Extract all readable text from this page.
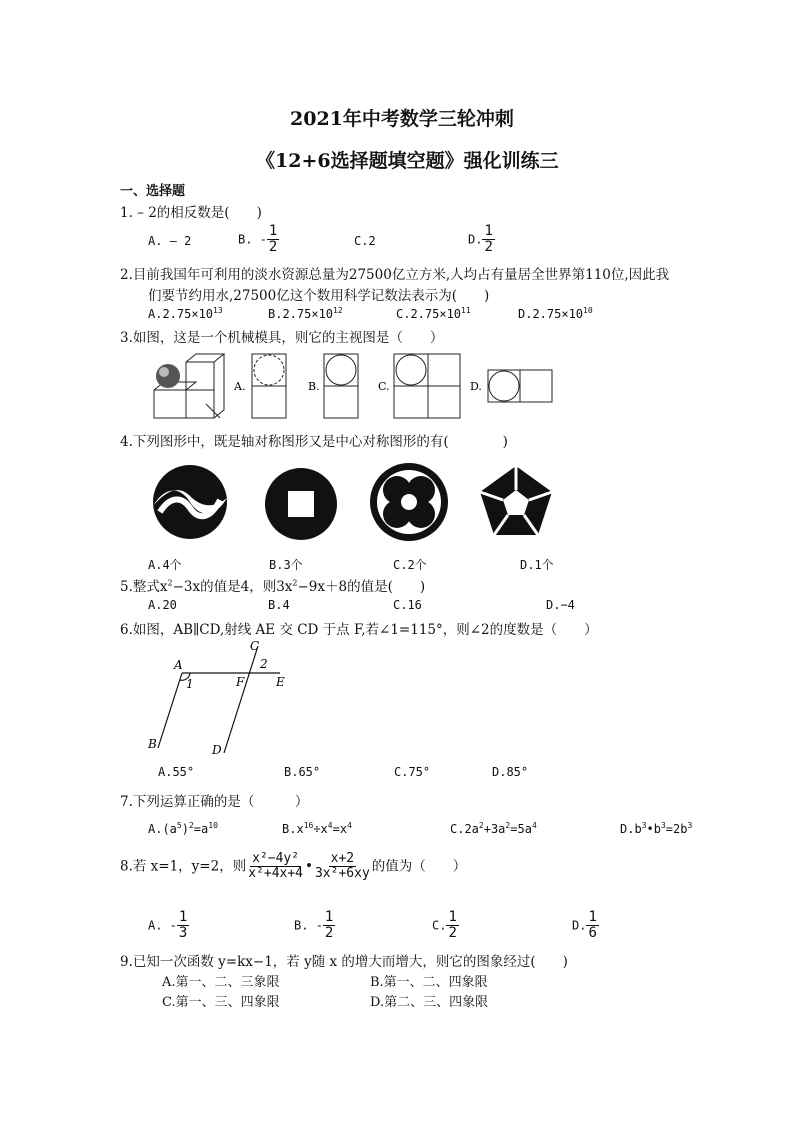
2021年中考数学三轮冲刺
《12+6选择题填空题》强化训练三
一、选择题
1. – 2的相反数是(　　)
A. – 2	B. - $\frac{1}{2}$	C.2	D. $\frac{1}{2}$
2.目前我国年可利用的淡水资源总量为27500亿立方米,人均占有量居全世界第110位,因此我
们要节约用水,27500亿这个数用科学记数法表示为(　　)
$A.2.75\times 10^{13}$	$B.2.75\times 10^{12}$	$C.2.75\times 10^{11}$	$D.2.75\times 10^{10}$
3.如图，这是一个机械模具，则它的主视图是（　　）
A.	B.	C.	D.
4.下列图形中，既是轴对称图形又是中心对称图形的有(　　　　)
A.4个	B.3个	C.2个	D.1个
5.整式$x^2-3x$的值是4，则$3x^2-9x+8$的值是(　　)
A.20	B.4	C.16	D.−4
6.如图，AB∥CD,射线 AE 交 CD 于点 F,若∠1=115°，则∠2的度数是（　　）
A
B
C
D
E
F
1
2
A.55°	B.65°	C.75°	D.85°
7.下列运算正确的是（　　　）
$A.(a^5)^2=a^{10}$	$B.x^{16}\div x^4=x^4$	$C.2a^2+3a^2=5a^4$	$D.b^3•b^3=2b^3$
8.若 x=1，y=2，则 $\frac{\text{x²−4y²}}{\text{x²+4x+4}}$ • $\frac{x+2}{\text{3x²+6xy}}$ 的值为（　　）
A. - $\frac{1}{3}$	B. - $\frac{1}{2}$	C. $\frac{1}{2}$	D. $\frac{1}{6}$
9.已知一次函数 y=kx−1，若 y随 x 的增大而增大，则它的图象经过(　　)
A.第一、二、三象限	B.第一、二、四象限
C.第一、三、四象限	D.第二、三、四象限
